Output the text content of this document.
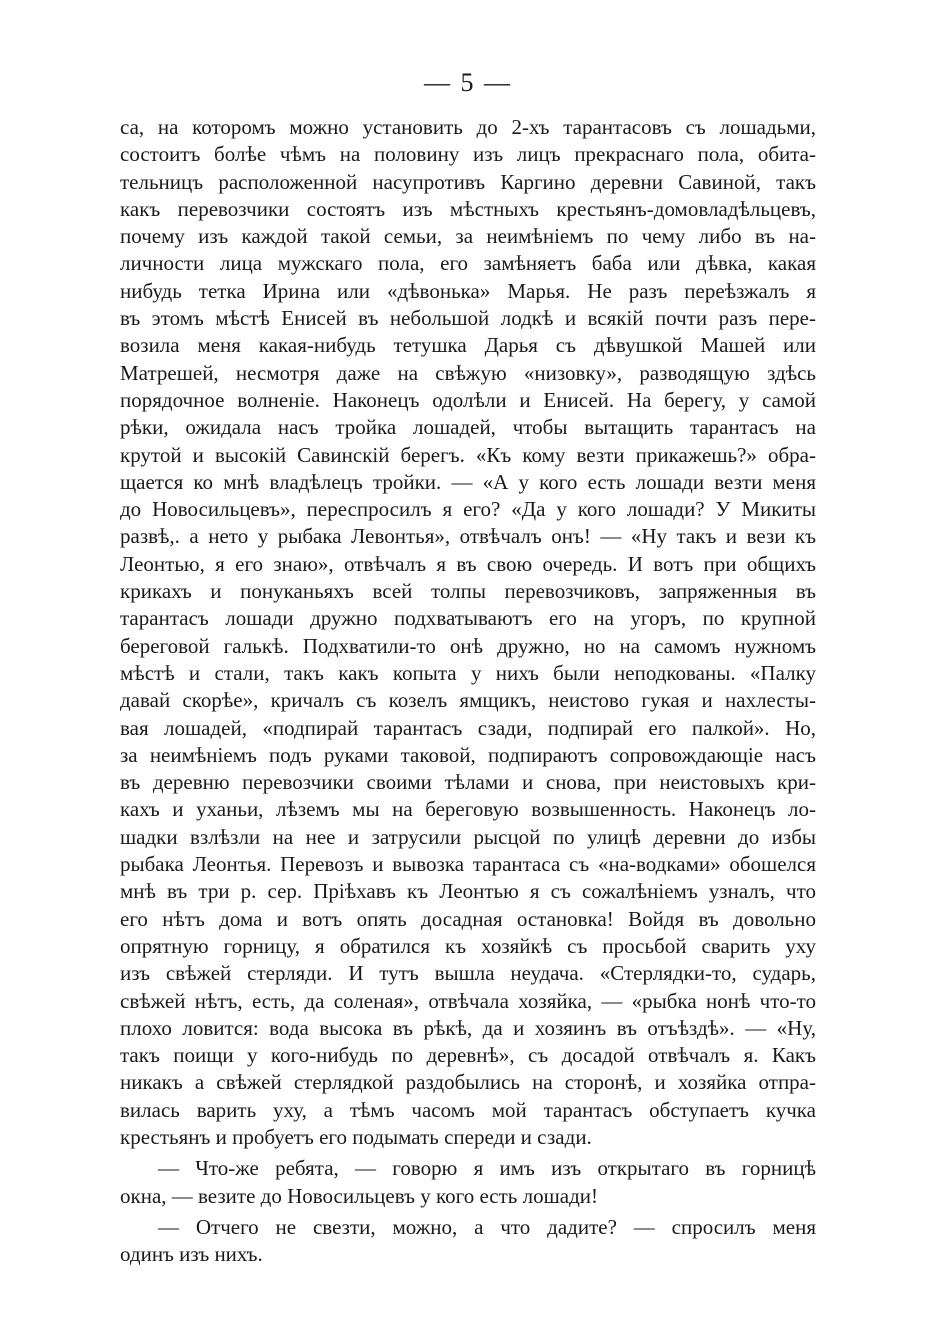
— 5 —
са, на которомъ можно установить до 2-хъ тарантасовъ съ лошадьми,
состоитъ болѣе чѣмъ на половину изъ лицъ прекраснаго пола, обита-
тельницъ расположенной насупротивъ Каргино деревни Савиной, такъ
какъ перевозчики состоятъ изъ мѣстныхъ крестьянъ-домовладѣльцевъ,
почему изъ каждой такой семьи, за неимѣніемъ по чему либо въ на-
личности лица мужскаго пола, его замѣняетъ баба или дѣвка, какая
нибудь тетка Ирина или «дѣвонька» Марья. Не разъ переѣзжалъ я
въ этомъ мѣстѣ Енисей въ небольшой лодкѣ и всякій почти разъ пере-
возила меня какая-нибудь тетушка Дарья съ дѣвушкой Машей или
Матрешей, несмотря даже на свѣжую «низовку», разводящую здѣсь
порядочное волненіе. Наконецъ одолѣли и Енисей. На берегу, у самой
рѣки, ожидала насъ тройка лошадей, чтобы вытащить тарантасъ на
крутой и высокій Савинскій берегъ. «Къ кому везти прикажешь?» обра-
щается ко мнѣ владѣлецъ тройки. — «А у кого есть лошади везти меня
до Новосильцевъ», переспросилъ я его? «Да у кого лошади? У Микиты
развѣ,. а нето у рыбака Левонтья», отвѣчалъ онъ! — «Ну такъ и вези къ
Леонтью, я его знаю», отвѣчалъ я въ свою очередь. И вотъ при общихъ
крикахъ и понуканьяхъ всей толпы перевозчиковъ, запряженныя въ
тарантасъ лошади дружно подхватываютъ его на угоръ, по крупной
береговой галькѣ. Подхватили-то онѣ дружно, но на самомъ нужномъ
мѣстѣ и стали, такъ какъ копыта у нихъ были неподкованы. «Палку
давай скорѣе», кричалъ съ козелъ ямщикъ, неистово гукая и нахлесты-
вая лошадей, «подпирай тарантасъ сзади, подпирай его палкой». Но,
за неимѣніемъ подъ руками таковой, подпираютъ сопровождающіе насъ
въ деревню перевозчики своими тѣлами и снова, при неистовыхъ кри-
кахъ и уханьи, лѣземъ мы на береговую возвышенность. Наконецъ ло-
шадки взлѣзли на нее и затрусили рысцой по улицѣ деревни до избы
рыбака Леонтья. Перевозъ и вывозка тарантаса съ «на-водками» обошелся
мнѣ въ три р. сер. Пріѣхавъ къ Леонтью я съ сожалѣніемъ узналъ, что
его нѣтъ дома и вотъ опять досадная остановка! Войдя въ довольно
опрятную горницу, я обратился къ хозяйкѣ съ просьбой сварить уху
изъ свѣжей стерляди. И тутъ вышла неудача. «Стерлядки-то, сударь,
свѣжей нѣтъ, есть, да соленая», отвѣчала хозяйка, — «рыбка нонѣ что-то
плохо ловится: вода высока въ рѣкѣ, да и хозяинъ въ отъѣздѣ». — «Ну,
такъ поищи у кого-нибудь по деревнѣ», съ досадой отвѣчалъ я. Какъ
никакъ а свѣжей стерлядкой раздобылись на сторонѣ, и хозяйка отпра-
вилась варить уху, а тѣмъ часомъ мой тарантасъ обступаетъ кучка
крестьянъ и пробуетъ его подымать спереди и сзади.
— Что-же ребята, — говорю я имъ изъ открытаго въ горницѣ
окна, — везите до Новосильцевъ у кого есть лошади!
— Отчего не свезти, можно, а что дадите? — спросилъ меня
одинъ изъ нихъ.
